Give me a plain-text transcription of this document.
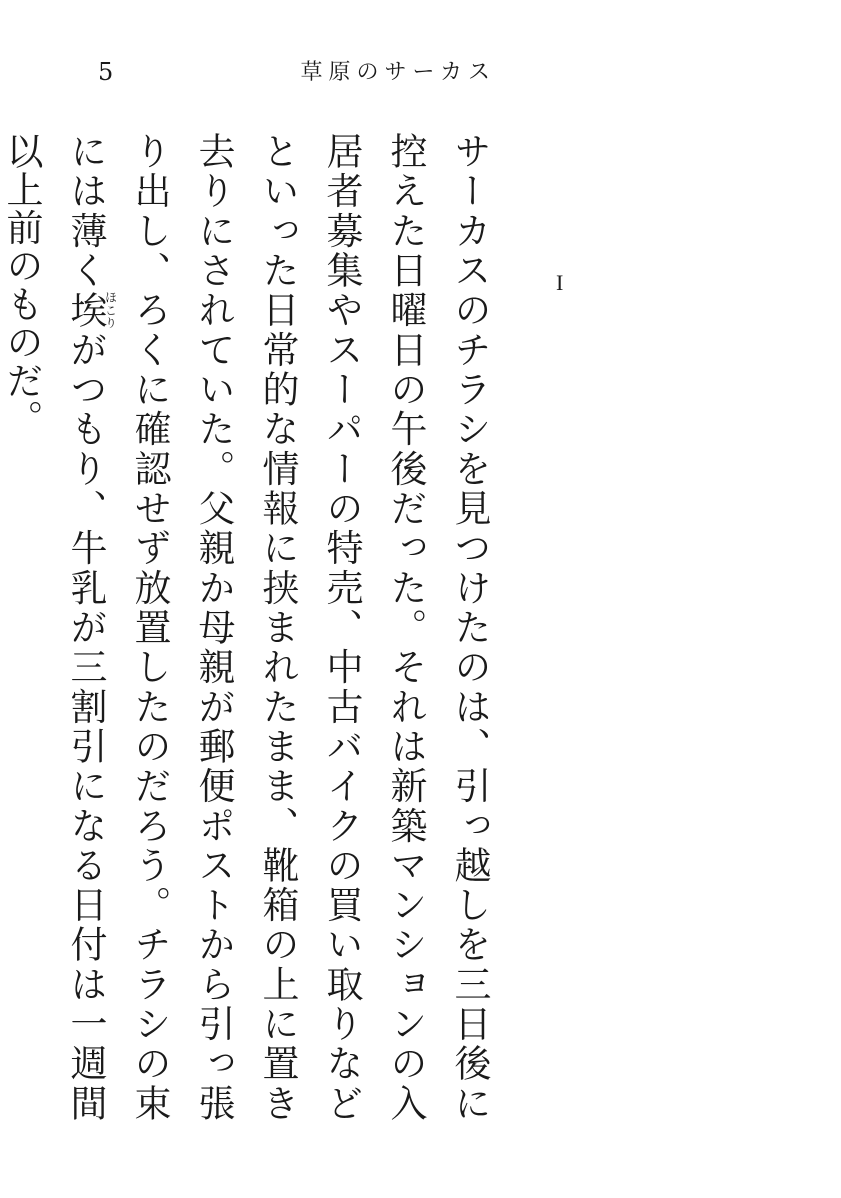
5	草原のサーカス
I

サーカスのチラシを見つけたのは、引っ越しを三日後に控えた日曜日の午後だった。それは新築マンションの入居者募集やスーパーの特売、中古バイクの買い取りなどといった日常的な情報に挟まれたまま、靴箱の上に置き去りにされていた。父親か母親が郵便ポストから引っ張り出し、ろくに確認せず放置したのだろう。チラシの束には薄く埃ほこりがつもり、牛乳が三割引になる日付は一週間以上前のものだ。
